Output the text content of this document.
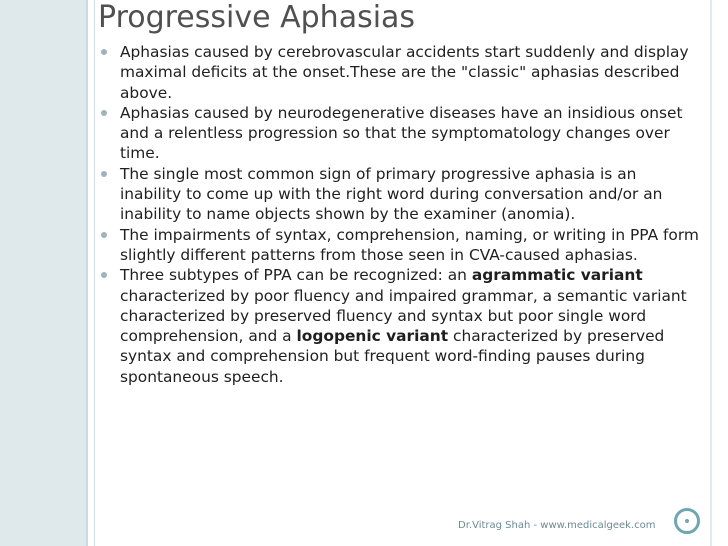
Progressive Aphasias
Aphasias caused by cerebrovascular accidents start suddenly and display maximal deficits at the onset.These are the "classic" aphasias described above.
Aphasias caused by neurodegenerative diseases have an insidious onset and a relentless progression so that the symptomatology changes over time.
The single most common sign of primary progressive aphasia is an inability to come up with the right word during conversation and/or an inability to name objects shown by the examiner (anomia).
The impairments of syntax, comprehension, naming, or writing in PPA form slightly different patterns from those seen in CVA-caused aphasias.
Three subtypes of PPA can be recognized: an agrammatic variant characterized by poor fluency and impaired grammar, a semantic variant characterized by preserved fluency and syntax but poor single word comprehension, and a logopenic variant characterized by preserved syntax and comprehension but frequent word-finding pauses during spontaneous speech.
Dr.Vitrag Shah - www.medicalgeek.com
